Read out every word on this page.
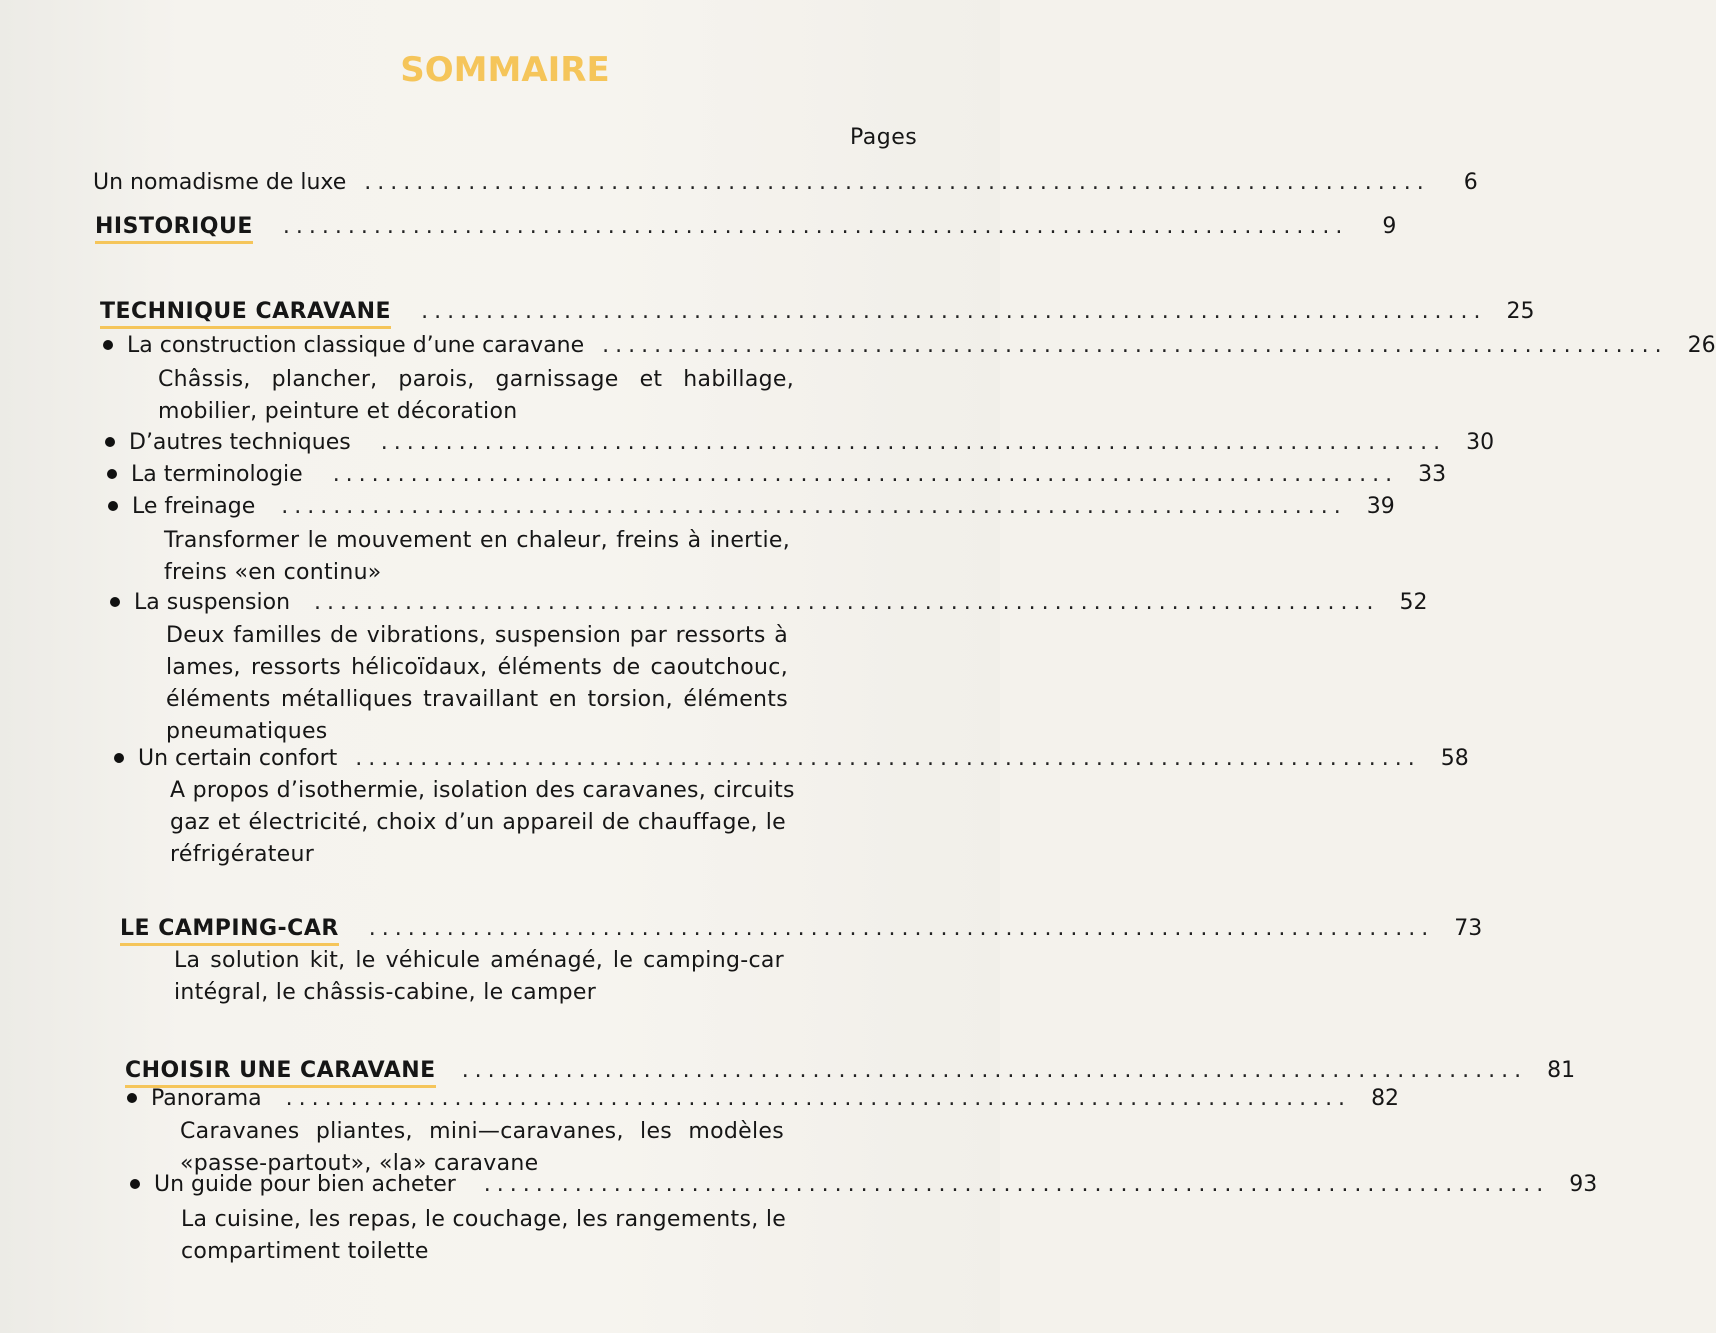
SOMMAIRE
Pages
Un nomadisme de luxe ..................................................................................	6
HISTORIQUE ..................................................................................	9
TECHNIQUE CARAVANE .................................................................................. 25
La construction classique d’une caravane .................................................................................. 26
Châssis, plancher, parois, garnissage et habillage,
mobilier, peinture et décoration
D’autres techniques .................................................................................. 30
La terminologie .................................................................................. 33
Le freinage .................................................................................. 39
Transformer le mouvement en chaleur, freins à inertie,
freins «en continu»
La suspension .................................................................................. 52
Deux familles de vibrations, suspension par ressorts à
lames, ressorts hélicoïdaux, éléments de caoutchouc,
éléments métalliques travaillant en torsion, éléments
pneumatiques
Un certain confort .................................................................................. 58
A propos d’isothermie, isolation des caravanes, circuits
gaz et électricité, choix d’un appareil de chauffage, le
réfrigérateur
LE CAMPING-CAR .................................................................................. 73
La solution kit, le véhicule aménagé, le camping-car
intégral, le châssis-cabine, le camper
CHOISIR UNE CARAVANE .................................................................................. 81
Panorama .................................................................................. 82
Caravanes pliantes, mini—caravanes, les modèles
«passe-partout», «la» caravane
Un guide pour bien acheter .................................................................................. 93
La cuisine, les repas, le couchage, les rangements, le
compartiment toilette
